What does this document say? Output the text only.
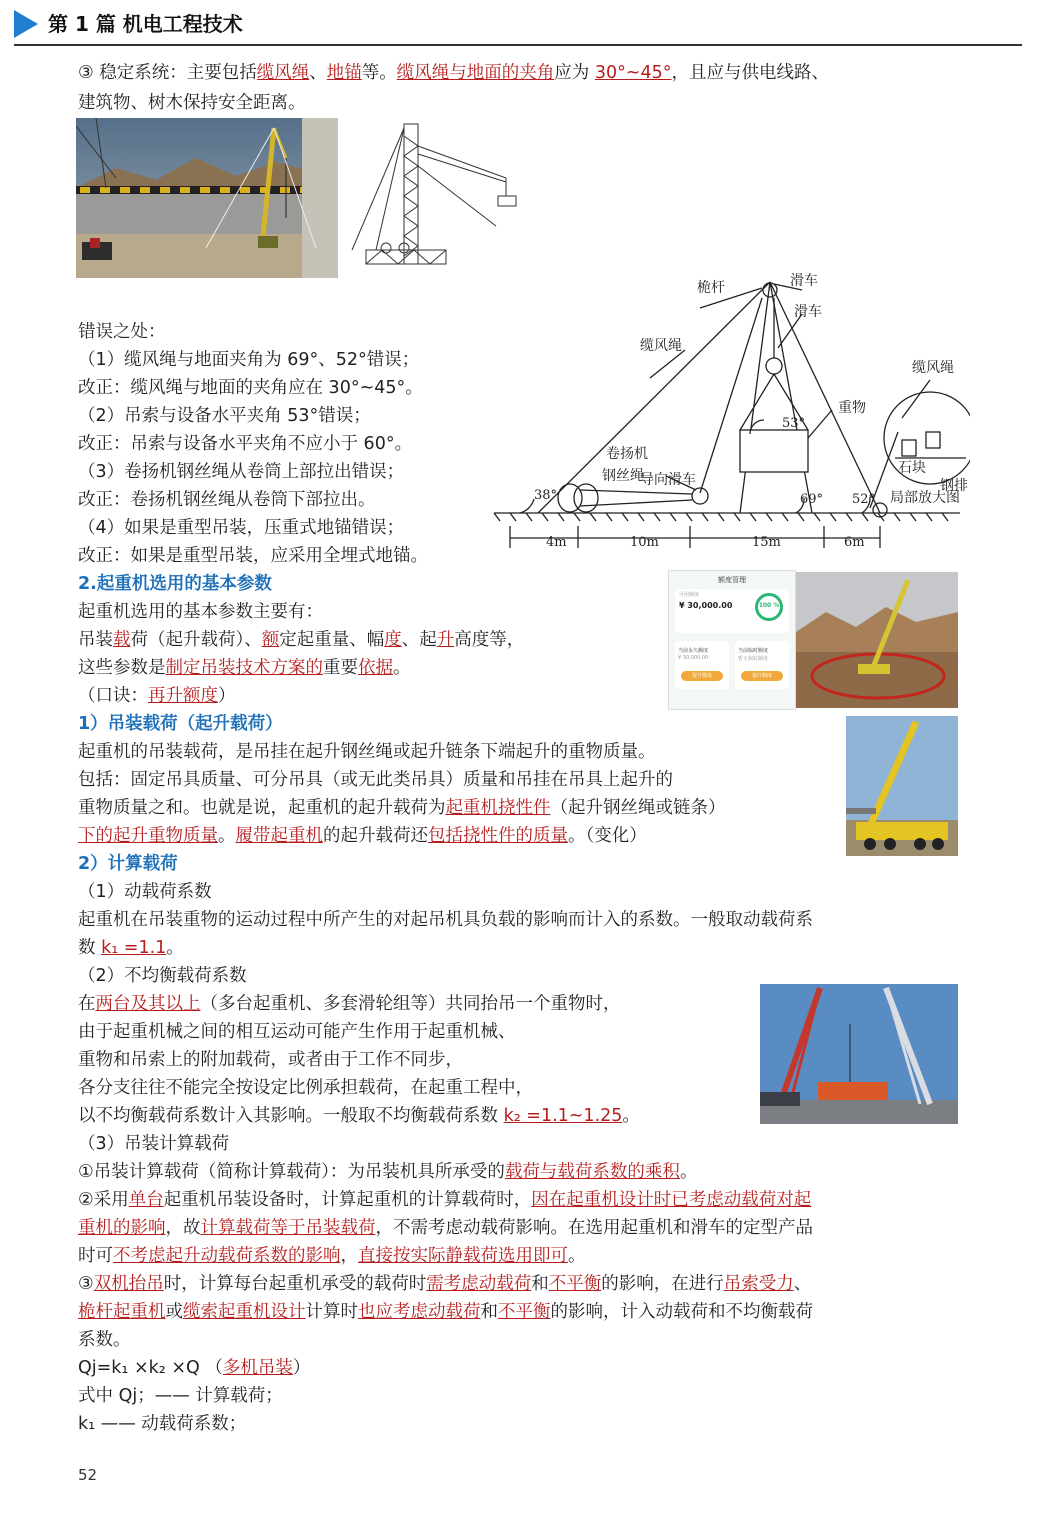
第 1 篇 机电工程技术
③ 稳定系统：主要包括缆风绳、地锚等。缆风绳与地面的夹角应为 30°~45°，且应与供电线路、
建筑物、树木保持安全距离。
桅杆	滑车
滑车
缆风绳
缆风绳
重物
卷扬机
钢丝绳
导向滑车
石块
钢排
局部放大图
38°
53°
69° 52°
4m	10m	15m	6m
错误之处：
（1）缆风绳与地面夹角为 69°、52°错误；
改正：缆风绳与地面的夹角应在 30°~45°。
（2）吊索与设备水平夹角 53°错误；
改正：吊索与设备水平夹角不应小于 60°。
（3）卷扬机钢丝绳从卷筒上部拉出错误；
改正：卷扬机钢丝绳从卷筒下部拉出。
（4）如果是重型吊装，压重式地锚错误；
改正：如果是重型吊装，应采用全埋式地锚。
2.起重机选用的基本参数
起重机选用的基本参数主要有：
吊装载荷（起升载荷）、额定起重量、幅度、起升高度等，
这些参数是制定吊装技术方案的重要依据。
（口诀：再升额度）
额度管理
可用额度
¥ 30,000.00	100 %
当前永久额度
¥ 30,000.00
提升额度
当前临时额度
暂无临时额度
提升额度
1）吊装载荷（起升载荷）
起重机的吊装载荷，是吊挂在起升钢丝绳或起升链条下端起升的重物质量。
包括：固定吊具质量、可分吊具（或无此类吊具）质量和吊挂在吊具上起升的
重物质量之和。也就是说，起重机的起升载荷为起重机挠性件（起升钢丝绳或链条）
下的起升重物质量。履带起重机的起升载荷还包括挠性件的质量。（变化）
2）计算载荷
（1）动载荷系数
起重机在吊装重物的运动过程中所产生的对起吊机具负载的影响而计入的系数。一般取动载荷系
数 k₁ =1.1。
（2）不均衡载荷系数
在两台及其以上（多台起重机、多套滑轮组等）共同抬吊一个重物时，
由于起重机械之间的相互运动可能产生作用于起重机械、
重物和吊索上的附加载荷，或者由于工作不同步，
各分支往往不能完全按设定比例承担载荷，在起重工程中，
以不均衡载荷系数计入其影响。一般取不均衡载荷系数 k₂ =1.1~1.25。
（3）吊装计算载荷
①吊装计算载荷（简称计算载荷）：为吊装机具所承受的载荷与载荷系数的乘积。
②采用单台起重机吊装设备时，计算起重机的计算载荷时，因在起重机设计时已考虑动载荷对起
重机的影响，故计算载荷等于吊装载荷，不需考虑动载荷影响。在选用起重机和滑车的定型产品
时可不考虑起升动载荷系数的影响，直接按实际静载荷选用即可。
③双机抬吊时，计算每台起重机承受的载荷时需考虑动载荷和不平衡的影响，在进行吊索受力、
桅杆起重机或缆索起重机设计计算时也应考虑动载荷和不平衡的影响，计入动载荷和不均衡载荷
系数。
Qj=k₁ ×k₂ ×Q （多机吊装）
式中 Qj；—— 计算载荷；
k₁ —— 动载荷系数；
52
